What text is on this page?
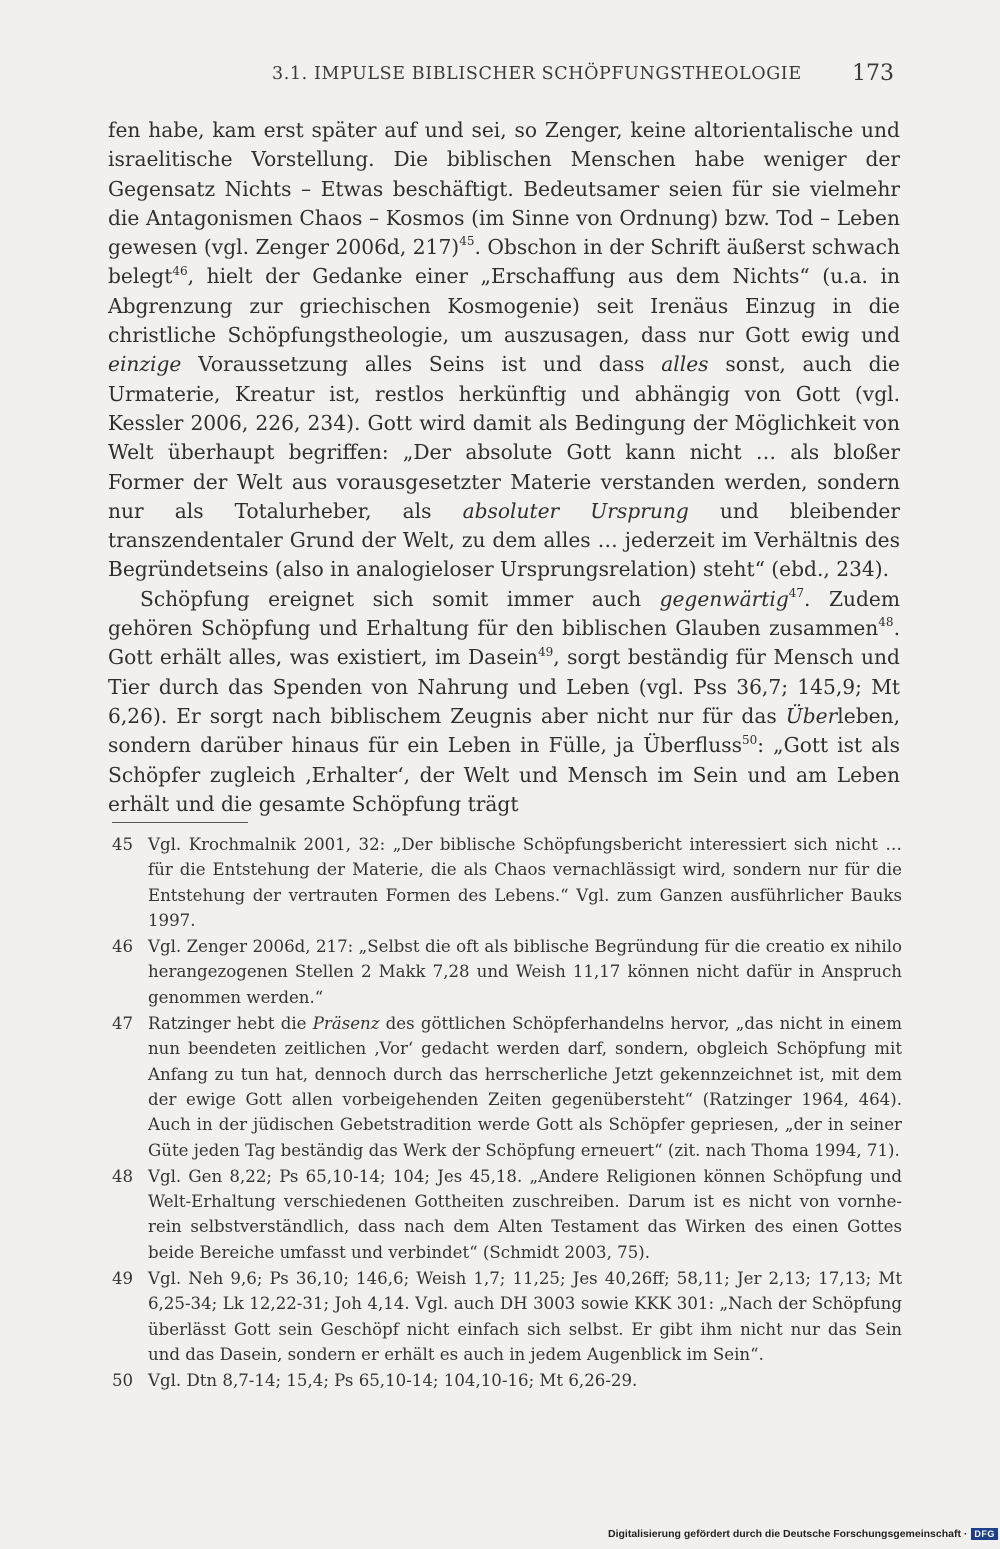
3.1. IMPULSE BIBLISCHER SCHÖPFUNGSTHEOLOGIE 173

fen habe, kam erst später auf und sei, so Zenger, keine altorientalische und israelitische Vorstellung. Die biblischen Menschen habe weniger der Gegensatz Nichts – Etwas beschäftigt. Bedeutsamer seien für sie vielmehr die Antagonismen Chaos – Kosmos (im Sinne von Ordnung) bzw. Tod – Leben gewesen (vgl. Zenger 2006d, 217)$^{45}$. Obschon in der Schrift äußerst schwach belegt$^{46}$, hielt der Gedanke einer „Erschaffung aus dem Nichts“ (u.a. in Abgrenzung zur griechischen Kosmogenie) seit Irenäus Einzug in die christliche Schöpfungstheologie, um auszusagen, dass nur Gott ewig und einzige Voraussetzung alles Seins ist und dass alles sonst, auch die Urmaterie, Kreatur ist, restlos herkünftig und abhängig von Gott (vgl. Kessler 2006, 226, 234). Gott wird damit als Bedingung der Möglichkeit von Welt überhaupt begriffen: „Der absolute Gott kann nicht … als bloßer Former der Welt aus vorausgesetzter Materie verstanden werden, sondern nur als Totalurheber, als absoluter Ursprung und bleibender transzendentaler Grund der Welt, zu dem alles … jederzeit im Verhältnis des Begründetseins (also in analogieloser Ursprungsrelation) steht“ (ebd., 234).

Schöpfung ereignet sich somit immer auch gegenwärtig$^{47}$. Zudem gehören Schöpfung und Erhaltung für den biblischen Glauben zusammen$^{48}$. Gott erhält alles, was existiert, im Dasein$^{49}$, sorgt beständig für Mensch und Tier durch das Spenden von Nahrung und Leben (vgl. Pss 36,7; 145,9; Mt 6,26). Er sorgt nach biblischem Zeugnis aber nicht nur für das Überleben, sondern darüber hinaus für ein Leben in Fülle, ja Überfluss$^{50}$: „Gott ist als Schöpfer zugleich ‚Erhalter‘, der Welt und Mensch im Sein und am Leben erhält und die gesamte Schöpfung trägt

45 Vgl. Krochmalnik 2001, 32: „Der biblische Schöpfungsbericht interessiert sich nicht … für die Entstehung der Materie, die als Chaos vernachlässigt wird, sondern nur für die Entstehung der vertrauten Formen des Lebens.“ Vgl. zum Ganzen ausführlicher Bauks 1997.
46 Vgl. Zenger 2006d, 217: „Selbst die oft als biblische Begründung für die creatio ex nihilo herangezogenen Stellen 2 Makk 7,28 und Weish 11,17 können nicht dafür in Anspruch genommen werden.“
47 Ratzinger hebt die Präsenz des göttlichen Schöpferhandelns hervor, „das nicht in einem nun beendeten zeitlichen ‚Vor‘ gedacht werden darf, sondern, obgleich Schöpfung mit Anfang zu tun hat, dennoch durch das herrscherliche Jetzt gekennzeichnet ist, mit dem der ewige Gott allen vorbeigehenden Zeiten gegenübersteht“ (Ratzinger 1964, 464). Auch in der jüdischen Gebetstradition werde Gott als Schöpfer gepriesen, „der in seiner Güte jeden Tag beständig das Werk der Schöpfung erneuert“ (zit. nach Thoma 1994, 71).
48 Vgl. Gen 8,22; Ps 65,10-14; 104; Jes 45,18. „Andere Religionen können Schöpfung und Welt-Erhaltung verschiedenen Gottheiten zuschreiben. Darum ist es nicht von vornherein selbstverständlich, dass nach dem Alten Testament das Wirken des einen Gottes beide Bereiche umfasst und verbindet“ (Schmidt 2003, 75).
49 Vgl. Neh 9,6; Ps 36,10; 146,6; Weish 1,7; 11,25; Jes 40,26ff; 58,11; Jer 2,13; 17,13; Mt 6,25-34; Lk 12,22-31; Joh 4,14. Vgl. auch DH 3003 sowie KKK 301: „Nach der Schöpfung überlässt Gott sein Geschöpf nicht einfach sich selbst. Er gibt ihm nicht nur das Sein und das Dasein, sondern er erhält es auch in jedem Augenblick im Sein“.
50 Vgl. Dtn 8,7-14; 15,4; Ps 65,10-14; 104,10-16; Mt 6,26-29.
Digitalisierung gefördert durch die Deutsche Forschungsgemeinschaft · DFG
